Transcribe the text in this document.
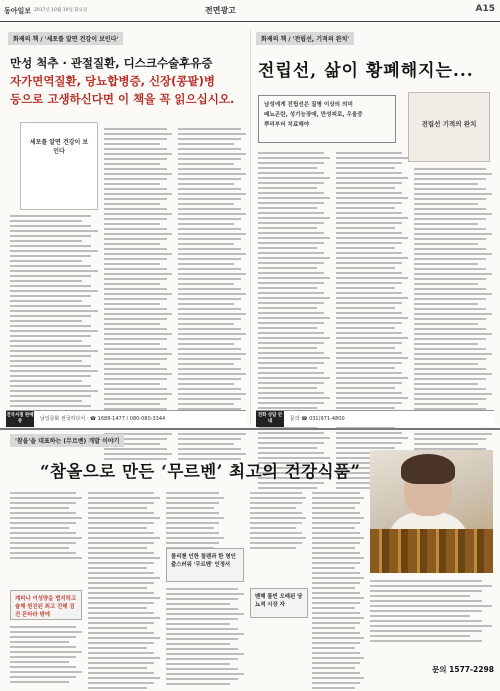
동아일보 2017년 10월 10일 화요일	전면광고	A15
화제의 책 / '세포를 알면 건강이 보인다'
만성 척추 · 관절질환, 디스크수술후유증
자가면역질환, 당뇨합병증, 신장(콩팥)병
등으로 고생하신다면 이 책을 꼭 읽으십시오.
세포를 알면 건강이 보인다
전국서점 판매 중	남일문화 전국하다서 · ☎ 1688-1477 / 080-080-3344
화제의 책 / '전립선, 기적의 완치'
전립선, 삶이 황폐해지는...
남성에게 전립선은 질병 이상의 의미
배뇨곤란, 성기능장애, 만성피로, 우울증
뿌리부터 치료해야	전립선 기적의 완치
전화 상담 안내	문의 ☎ 031)971-4800
'참올'을 대표하는 (무르벤) 개발 이야기
“참올으로 만든 ‘무르벤’ 최고의 건강식품”
계피나 이성양을 법지하고 슐해 원진된 최고 진해 검진 몬타라 밖에
폴리첸 인한 칠렌과 한 명인 출스러워 '무르벤' 인정서
벤해 몰빈 오래된 당뇨적 시장 자
문의 1577-2298
